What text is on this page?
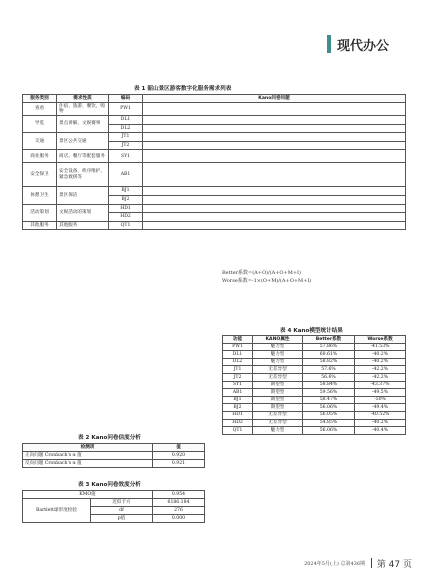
现代办公
表 1 韶山景区游客数字化服务需求列表
服务类别	需求性质	编码	Kano问卷问题
查看	住宿、旅游、餐饮、购物	PW1	
导览	景点讲解、文娱赛事	DL1	
		DL2	
交通	景区公共交通	JT1	
		JT2	
商业服务	商店、餐厅等配套服务	SY1	
安全保卫	安全设备、秩序维护、紧急救援等	AB1	
休憩卫生	景区保洁	BJ1	
		BJ2	
活动策划	文娱活动的策划	HD1	
		HD2	
其他服务	其他服务	QT1	

表 2 Kano问卷信度分析
检测项	值
正向问题 Cronbach's α 值	0.920
反向问题 Cronbach's α 值	0.921
表 3 Kano问卷效度分析
KMO值		0.954
Bartlett球形度检验	近似卡方	6186.184
	df	276
	p值	0.000

Better系数=(A+O)/(A+O+M+I)

Worse系数=-1×(O+M)/(A+O+M+I)

表 4 Kano模型统计结果
功能	KANO属性	Better系数	Worse系数
PW1	魅力型	57.86%	-41.53%
DL1	魅力型	60.61%	-40.2%
DL2	魅力型	58.82%	-40.2%
JT1	无差异型	57.6%	-42.2%
JT2	无差异型	56.6%	-42.2%
SY1	期望型	58.84%	-43.37%
AB1	期望型	59.56%	-49.5%
BJ1	期望型	58.47%	-50%
BJ2	期望型	56.06%	-49.4%
HD1	无差异型	56.05%	-40.52%
HD2	无差异型	54.85%	-40.2%
QT1	魅力型	56.06%	-40.4%

2024年5月(上) 总第436期 第 47 页
